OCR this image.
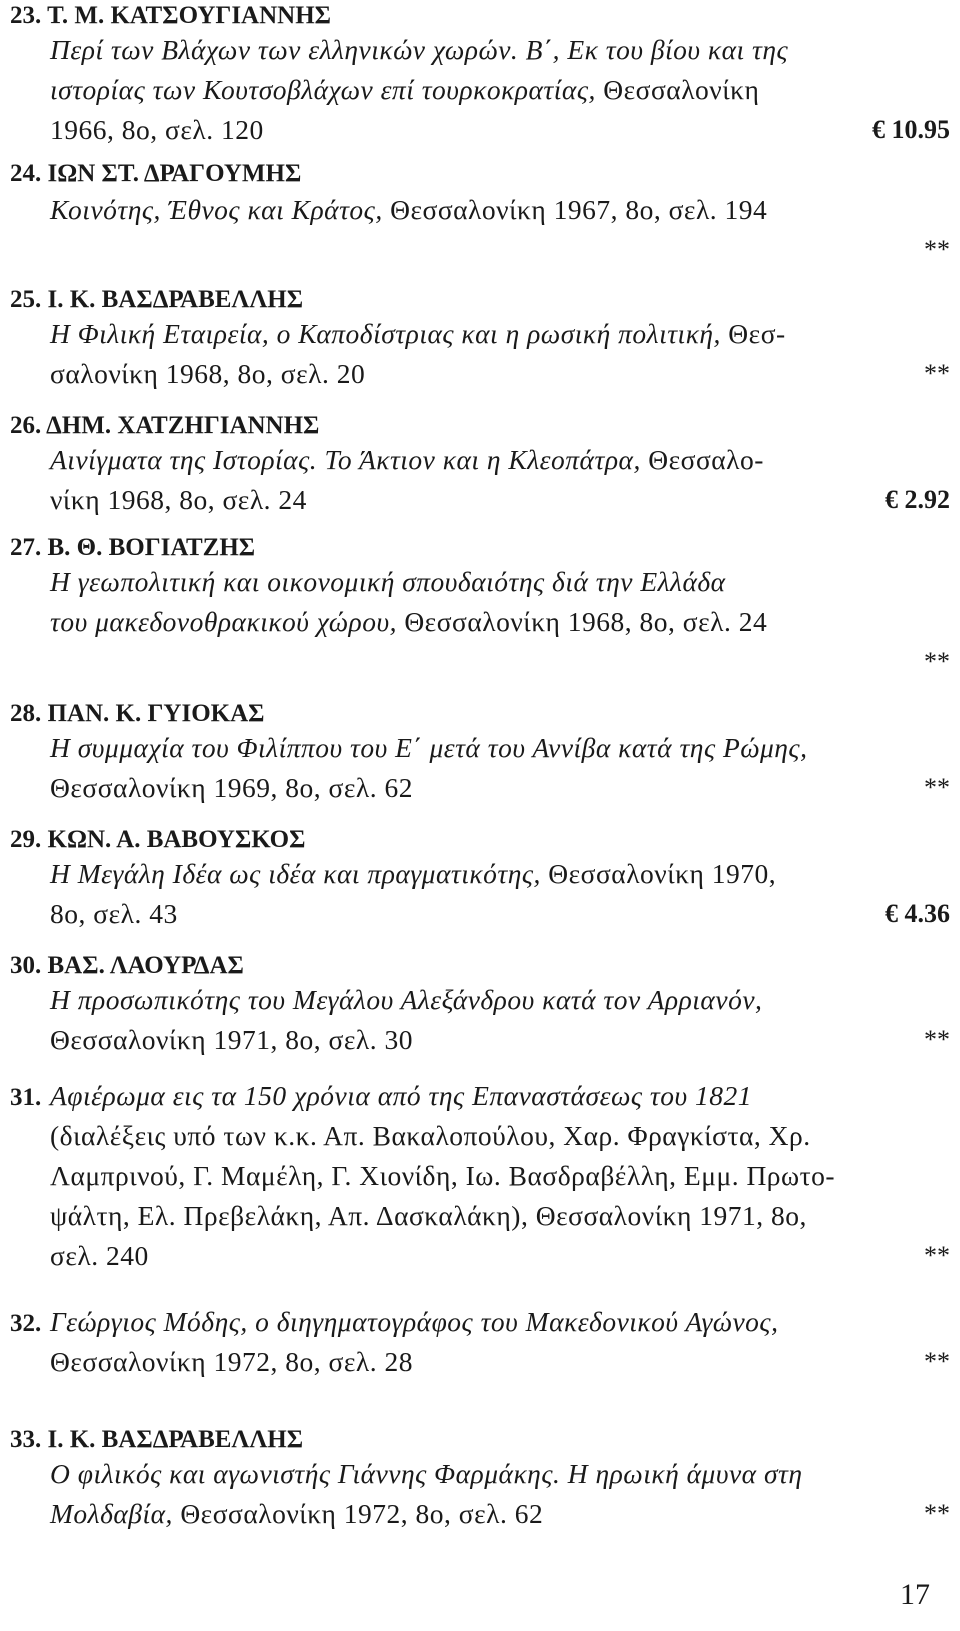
23. Τ. Μ. ΚΑΤΣΟΥΓΙΑΝΝΗΣ
Περί των Βλάχων των ελληνικών χωρών. Β΄, Εκ του βίου και της
ιστορίας των Κουτσοβλάχων επί τουρκοκρατίας, Θεσσαλονίκη
1966, 8ο, σελ. 120	€ 10.95
24. ΙΩΝ ΣΤ. ΔΡΑΓΟΥΜΗΣ
Κοινότης, Έθνος και Κράτος, Θεσσαλονίκη 1967, 8ο, σελ. 194
**
25. Ι. Κ. ΒΑΣΔΡΑΒΕΛΛΗΣ
Η Φιλική Εταιρεία, ο Καποδίστριας και η ρωσική πολιτική, Θεσ-
σαλονίκη 1968, 8ο, σελ. 20	**
26. ΔΗΜ. ΧΑΤΖΗΓΙΑΝΝΗΣ
Αινίγματα της Ιστορίας. Το Άκτιον και η Κλεοπάτρα, Θεσσαλο-
νίκη 1968, 8ο, σελ. 24	€ 2.92
27. Β. Θ. ΒΟΓΙΑΤΖΗΣ
Η γεωπολιτική και οικονομική σπουδαιότης διά την Ελλάδα
του μακεδονοθρακικού χώρου, Θεσσαλονίκη 1968, 8ο, σελ. 24
**
28. ΠΑΝ. Κ. ΓΥΙΟΚΑΣ
Η συμμαχία του Φιλίππου του Ε΄ μετά του Αννίβα κατά της Ρώμης,
Θεσσαλονίκη 1969, 8ο, σελ. 62	**
29. ΚΩΝ. Α. ΒΑΒΟΥΣΚΟΣ
Η Μεγάλη Ιδέα ως ιδέα και πραγματικότης, Θεσσαλονίκη 1970,
8ο, σελ. 43	€ 4.36
30. ΒΑΣ. ΛΑΟΥΡΔΑΣ
Η προσωπικότης του Μεγάλου Αλεξάνδρου κατά τον Αρριανόν,
Θεσσαλονίκη 1971, 8ο, σελ. 30	**
31. Αφιέρωμα εις τα 150 χρόνια από της Επαναστάσεως του 1821
(διαλέξεις υπό των κ.κ. Απ. Βακαλοπούλου, Χαρ. Φραγκίστα, Χρ.
Λαμπρινού, Γ. Μαμέλη, Γ. Χιονίδη, Ιω. Βασδραβέλλη, Εμμ. Πρωτο-
ψάλτη, Ελ. Πρεβελάκη, Απ. Δασκαλάκη), Θεσσαλονίκη 1971, 8ο,
σελ. 240	**
32. Γεώργιος Μόδης, ο διηγηματογράφος του Μακεδονικού Αγώνος,
Θεσσαλονίκη 1972, 8ο, σελ. 28	**
33. Ι. Κ. ΒΑΣΔΡΑΒΕΛΛΗΣ
Ο φιλικός και αγωνιστής Γιάννης Φαρμάκης. Η ηρωική άμυνα στη
Μολδαβία, Θεσσαλονίκη 1972, 8ο, σελ. 62	**
17
